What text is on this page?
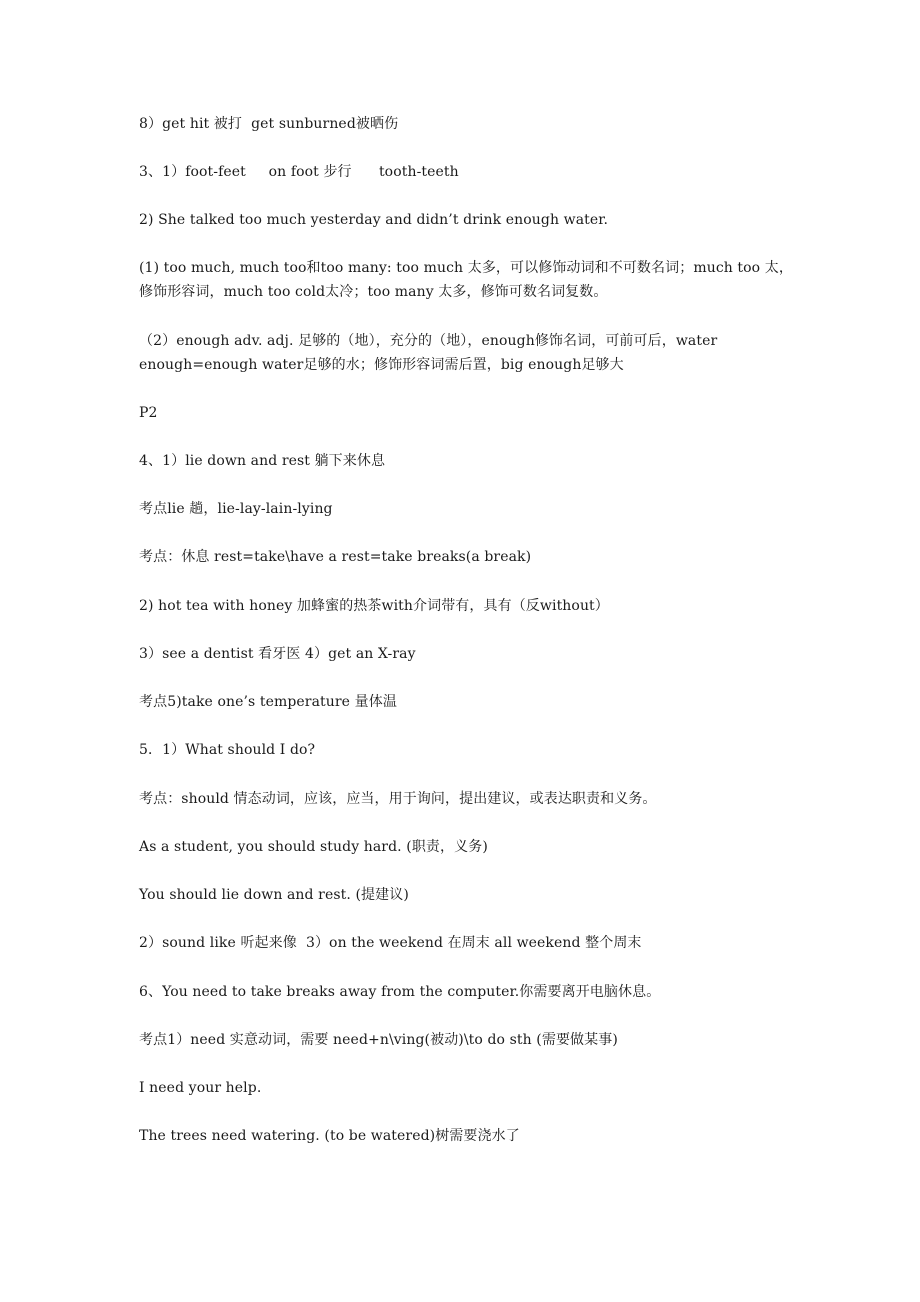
8）get hit 被打  get sunburned被晒伤
3、1）foot-feet     on foot 步行      tooth-teeth
2) She talked too much yesterday and didn’t drink enough water.
(1) too much, much too和too many: too much 太多，可以修饰动词和不可数名词；much too 太，修饰形容词，much too cold太冷；too many 太多，修饰可数名词复数。
（2）enough adv. adj. 足够的（地），充分的（地），enough修饰名词，可前可后，water enough=enough water足够的水；修饰形容词需后置，big enough足够大
P2
4、1）lie down and rest 躺下来休息
考点lie 趟，lie-lay-lain-lying
考点：休息 rest=take\have a rest=take breaks(a break)
2) hot tea with honey 加蜂蜜的热茶with介词带有，具有（反without）
3）see a dentist 看牙医 4）get an X-ray
考点5)take one’s temperature 量体温
5．1）What should I do?
考点：should 情态动词，应该，应当，用于询问，提出建议，或表达职责和义务。
As a student, you should study hard. (职责，义务)
You should lie down and rest. (提建议)
2）sound like 听起来像  3）on the weekend 在周末 all weekend 整个周末
6、You need to take breaks away from the computer.你需要离开电脑休息。
考点1）need 实意动词，需要 need+n\ving(被动)\to do sth (需要做某事)
I need your help.
The trees need watering. (to be watered)树需要浇水了
